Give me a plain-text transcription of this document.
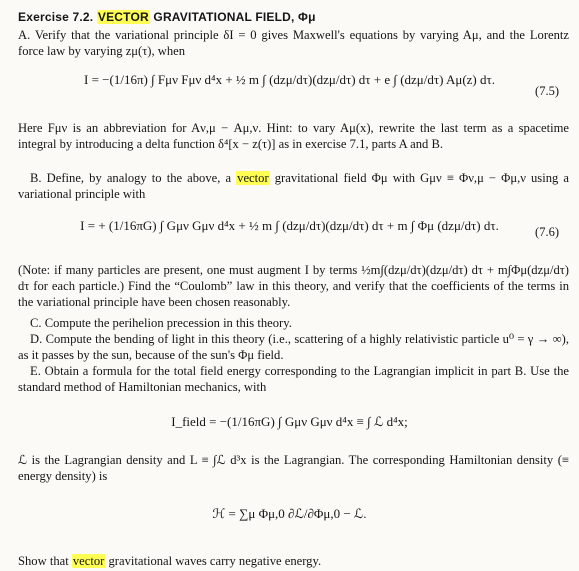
Exercise 7.2. VECTOR GRAVITATIONAL FIELD, Φμ
A. Verify that the variational principle δI = 0 gives Maxwell's equations by varying Aμ, and the Lorentz force law by varying zμ(τ), when
I = −(1/16π) ∫ Fμν Fμν d⁴x + ½ m ∫ (dzμ/dτ)(dzμ/dτ) dτ + e ∫ (dzμ/dτ) Aμ(z) dτ.
(7.5)
Here Fμν is an abbreviation for Aν,μ − Aμ,ν. Hint: to vary Aμ(x), rewrite the last term as a spacetime integral by introducing a delta function δ⁴[x − z(τ)] as in exercise 7.1, parts A and B.
B. Define, by analogy to the above, a vector gravitational field Φμ with Gμν ≡ Φν,μ − Φμ,ν using a variational principle with
I = + (1/16πG) ∫ Gμν Gμν d⁴x + ½ m ∫ (dzμ/dτ)(dzμ/dτ) dτ + m ∫ Φμ (dzμ/dτ) dτ.	(7.6)
(Note: if many particles are present, one must augment I by terms ½m∫(dzμ/dτ)(dzμ/dτ) dτ + m∫Φμ(dzμ/dτ) dτ for each particle.) Find the “Coulomb” law in this theory, and verify that the coefficients of the terms in the variational principle have been chosen reasonably.
C. Compute the perihelion precession in this theory.
D. Compute the bending of light in this theory (i.e., scattering of a highly relativistic particle u⁰ = γ → ∞), as it passes by the sun, because of the sun's Φμ field.
E. Obtain a formula for the total field energy corresponding to the Lagrangian implicit in part B. Use the standard method of Hamiltonian mechanics, with
I_field = −(1/16πG) ∫ Gμν Gμν d⁴x ≡ ∫ ℒ d⁴x;
ℒ is the Lagrangian density and L ≡ ∫ℒ d³x is the Lagrangian. The corresponding Hamiltonian density (≡ energy density) is
ℋ = ∑μ Φμ,0 ∂ℒ/∂Φμ,0 − ℒ.
Show that vector gravitational waves carry negative energy.
